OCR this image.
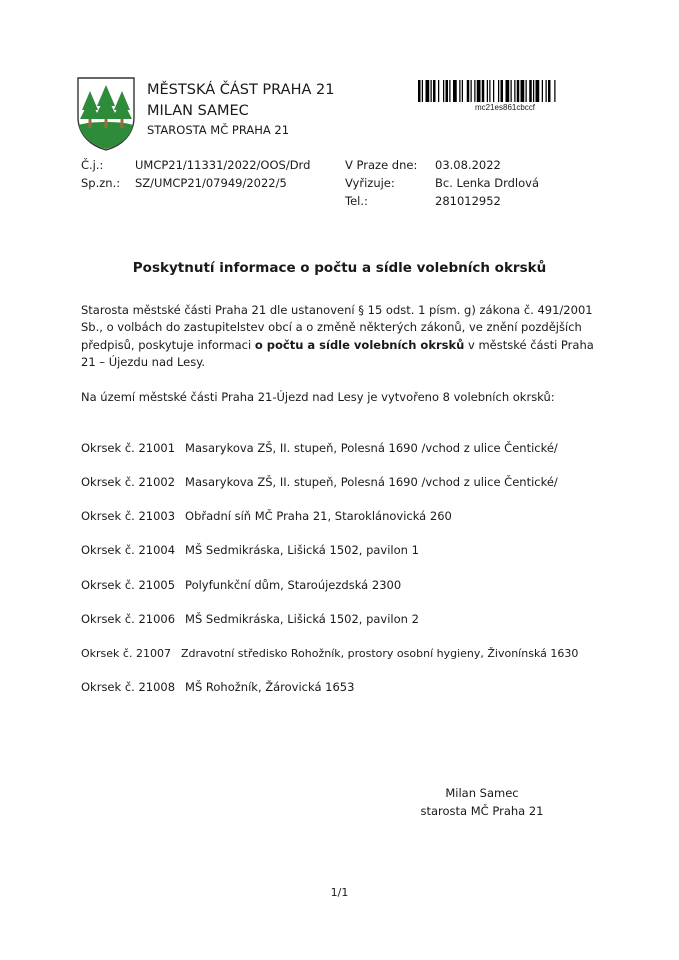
MĚSTSKÁ ČÁST PRAHA 21
MILAN SAMEC
STAROSTA MČ PRAHA 21
mc21es861cbccf
Č.j.:	UMCP21/11331/2022/OOS/Drd
Sp.zn.: SZ/UMCP21/07949/2022/5
V Praze dne: 03.08.2022
Vyřizuje:	Bc. Lenka Drdlová
Tel.:	281012952
Poskytnutí informace o počtu a sídle volebních okrsků
Starosta městské části Praha 21 dle ustanovení § 15 odst. 1 písm. g) zákona č. 491/2001 Sb., o volbách do zastupitelstev obcí a o změně některých zákonů, ve znění pozdějších předpisů, poskytuje informaci o počtu a sídle volebních okrsků v městské části Praha 21 – Újezdu nad Lesy.
Na území městské části Praha 21-Újezd nad Lesy je vytvořeno 8 volebních okrsků:
Okrsek č. 21001 Masarykova ZŠ, II. stupeň, Polesná 1690 /vchod z ulice Čentické/
Okrsek č. 21002 Masarykova ZŠ, II. stupeň, Polesná 1690 /vchod z ulice Čentické/
Okrsek č. 21003 Obřadní síň MČ Praha 21, Staroklánovická 260
Okrsek č. 21004 MŠ Sedmikráska, Lišická 1502, pavilon 1
Okrsek č. 21005 Polyfunkční dům, Staroújezdská 2300
Okrsek č. 21006 MŠ Sedmikráska, Lišická 1502, pavilon 2
Okrsek č. 21007 Zdravotní středisko Rohožník, prostory osobní hygieny, Živonínská 1630
Okrsek č. 21008 MŠ Rohožník, Žárovická 1653
Milan Samec
starosta MČ Praha 21
1/1
